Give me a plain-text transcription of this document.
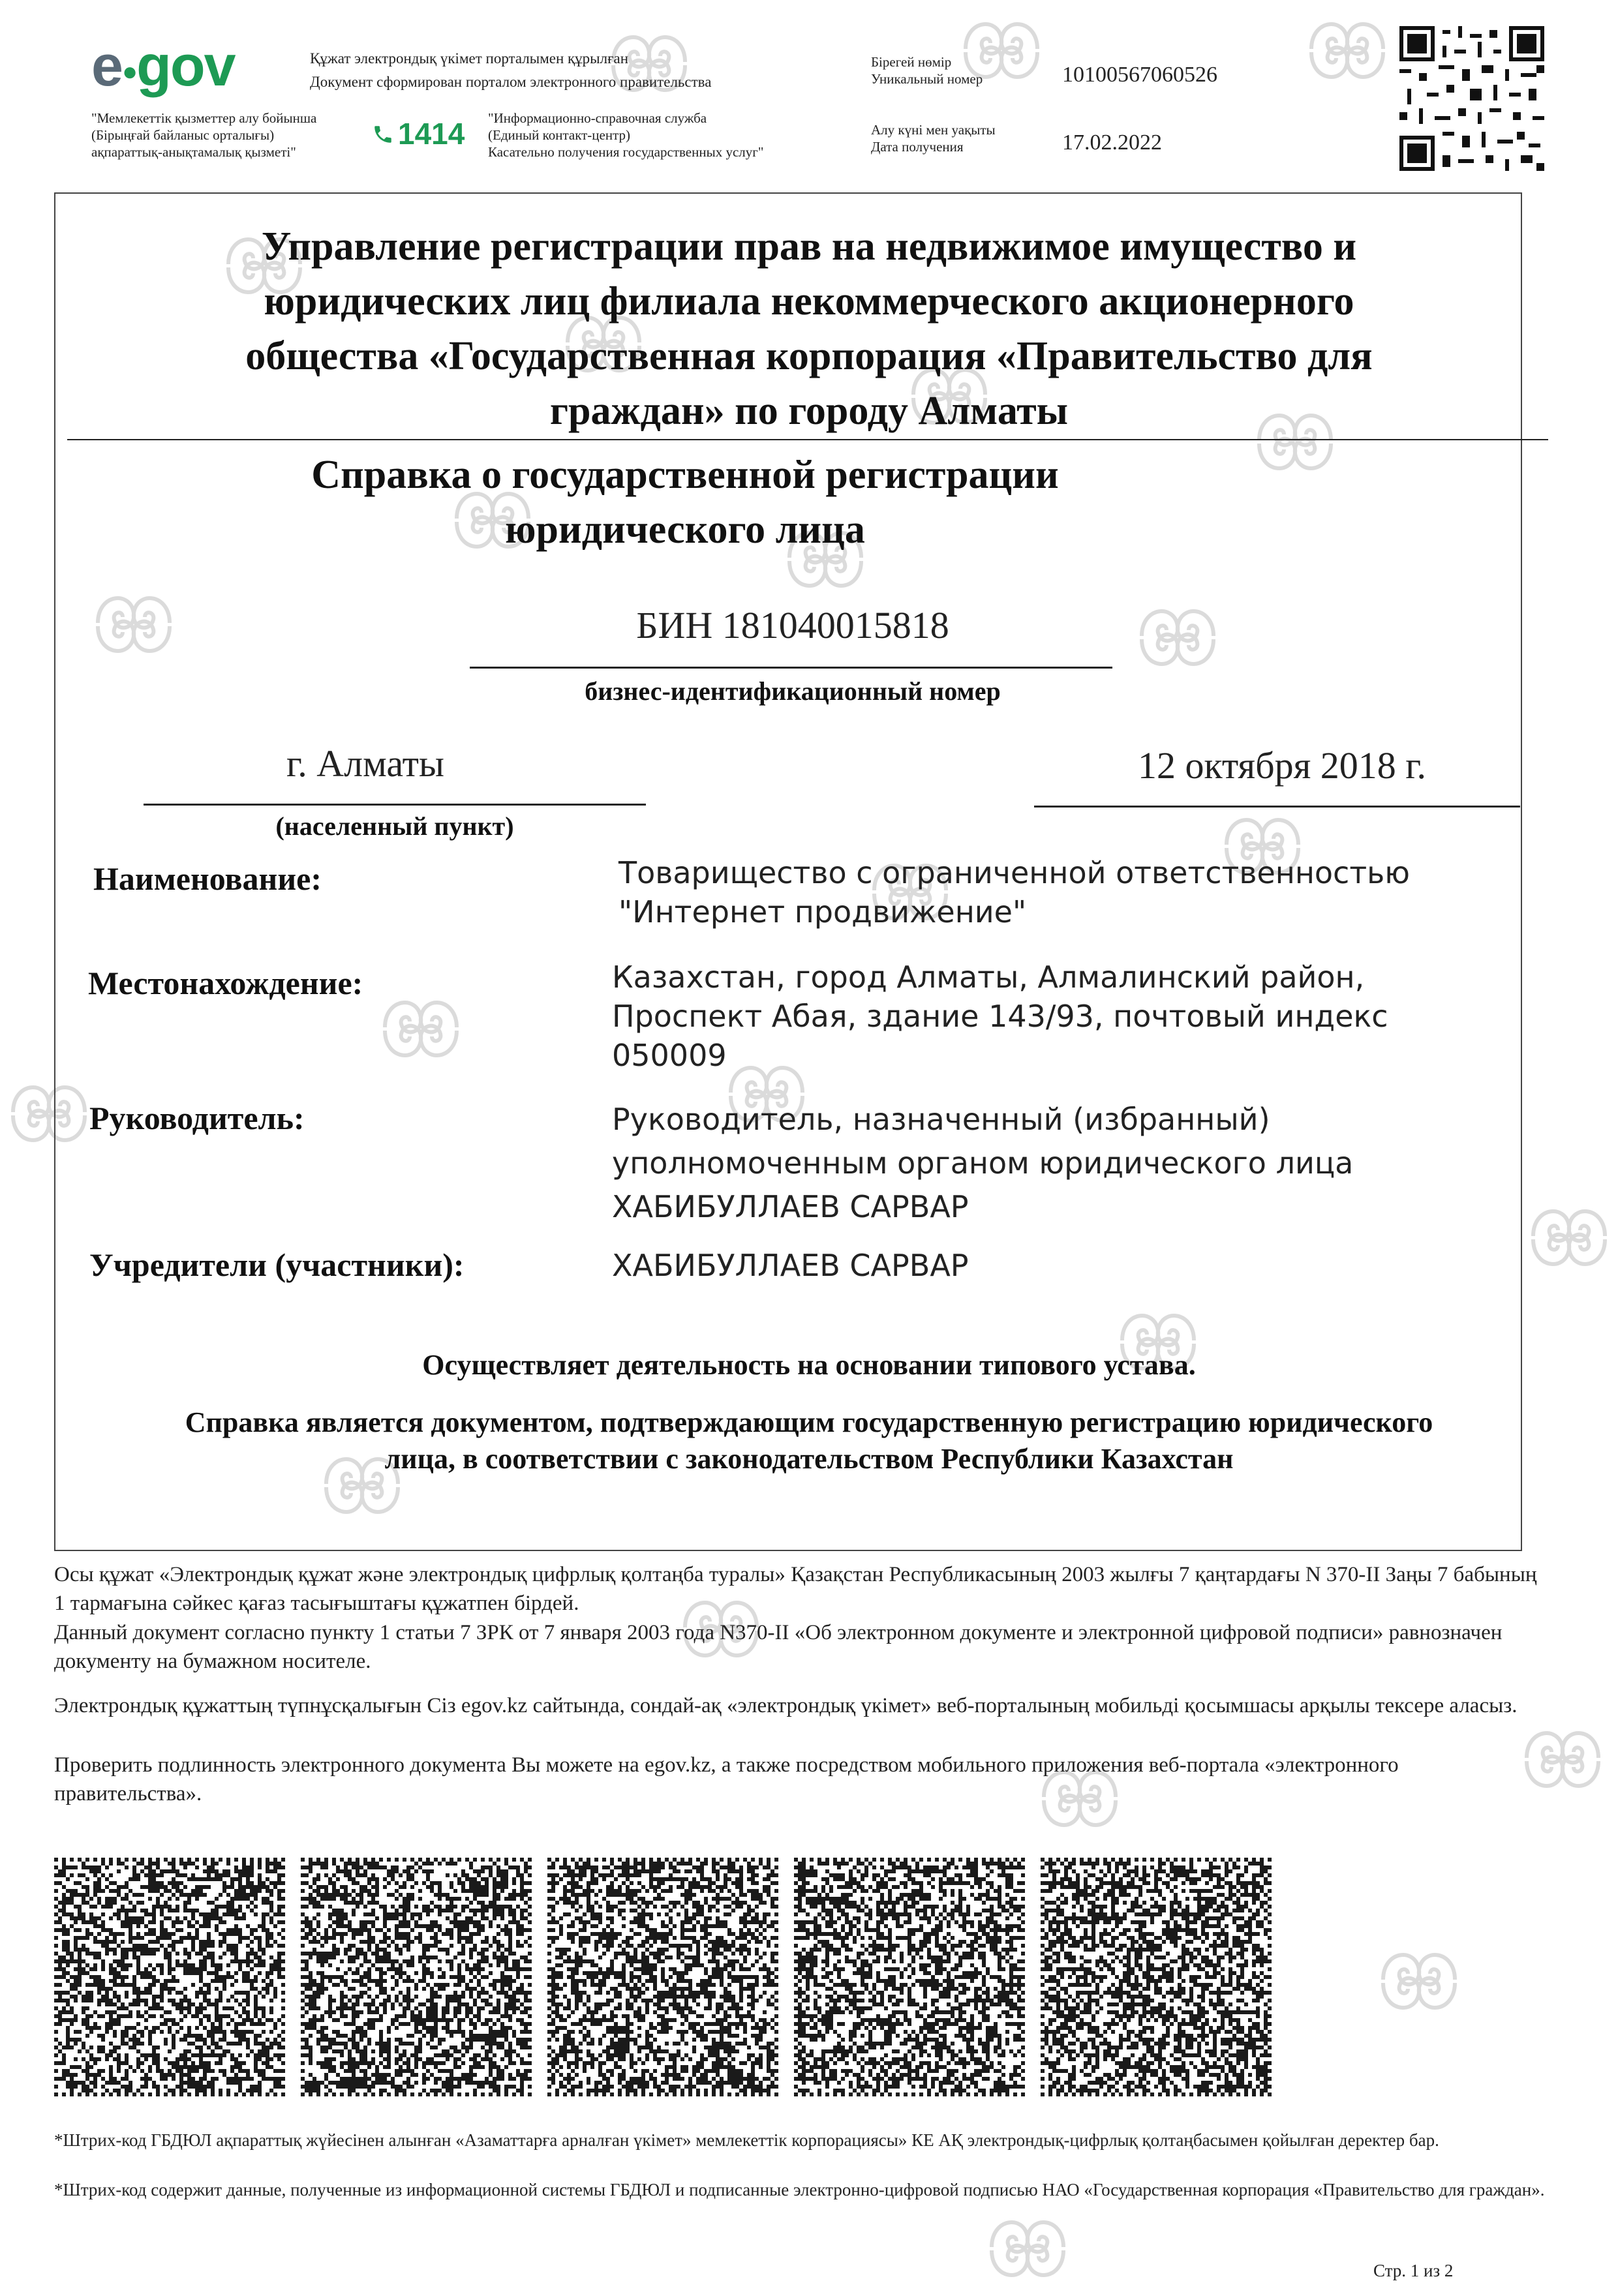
e●gov	Құжат электрондық үкімет порталымен құрылған
Документ сформирован порталом электронного правительства
"Мемлекеттік қызметтер алу бойынша
(Бірыңғай байланыс орталығы)
ақпараттық-анықтамалық қызметі"
1414 "Информационно-справочная служба
(Единый контакт-центр)
Касательно получения государственных услуг"
Бірегей нөмір
Уникальный номер	10100567060526
Алу күні мен уақыты
Дата получения	17.02.2022
Управление регистрации прав на недвижимое имущество и
юридических лиц филиала некоммерческого акционерного
общества «Государственная корпорация «Правительство для
граждан» по городу Алматы
Справка о государственной регистрации
юридического лица
БИН 181040015818
бизнес-идентификационный номер
г. Алматы
(населенный пункт)
12 октября 2018 г.
Наименование:	Товарищество с ограниченной ответственностью
"Интернет продвижение"
Местонахождение:	Казахстан, город Алматы, Алмалинский район,
Проспект Абая, здание 143/93, почтовый индекс
050009
Руководитель:	Руководитель, назначенный (избранный)
уполномоченным органом юридического лица
ХАБИБУЛЛАЕВ САРВАР
Учредители (участники):	ХАБИБУЛЛАЕВ САРВАР
Осуществляет деятельность на основании типового устава.
Справка является документом, подтверждающим государственную регистрацию юридического
лица, в соответствии с законодательством Республики Казахстан
Осы құжат «Электрондық құжат және электрондық цифрлық қолтаңба туралы» Қазақстан Республикасының 2003 жылғы 7 қаңтардағы N 370-II Заңы 7 бабының 1 тармағына сәйкес қағаз тасығыштағы құжатпен бірдей.
Данный документ согласно пункту 1 статьи 7 ЗРК от 7 января 2003 года N370-II «Об электронном документе и электронной цифровой подписи» равнозначен документу на бумажном носителе.
Электрондық құжаттың түпнұсқалығын Сіз egov.kz сайтында, сондай-ақ «электрондық үкімет» веб-порталының мобильді қосымшасы арқылы тексере аласыз.
Проверить подлинность электронного документа Вы можете на egov.kz, а также посредством мобильного приложения веб-портала «электронного правительства».
*Штрих-код ГБДЮЛ ақпараттық жүйесінен алынған «Азаматтарға арналған үкімет» мемлекеттік корпорациясы» КЕ АҚ электрондық-цифрлық қолтаңбасымен қойылған деректер бар.
*Штрих-код содержит данные, полученные из информационной системы ГБДЮЛ и подписанные электронно-цифровой подписью НАО «Государственная корпорация «Правительство для граждан».
Стр. 1 из 2
